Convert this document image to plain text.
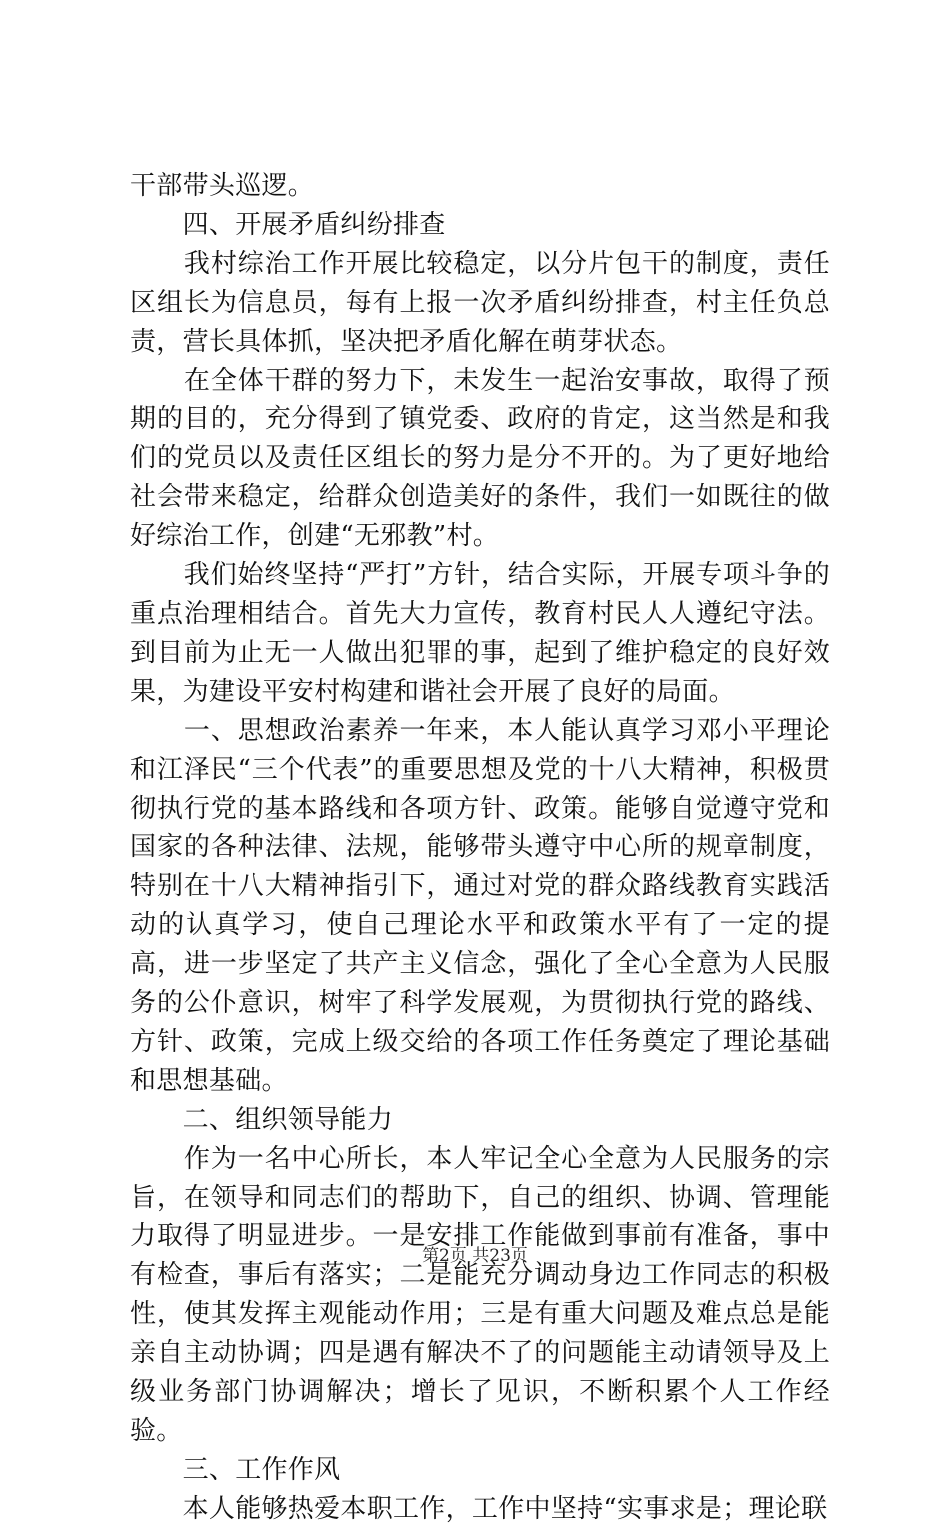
干部带头巡逻。

　　四、开展矛盾纠纷排查

　　我村综治工作开展比较稳定，以分片包干的制度，责任区组长为信息员，每有上报一次矛盾纠纷排查，村主任负总责，营长具体抓，坚决把矛盾化解在萌芽状态。

　　在全体干群的努力下，未发生一起治安事故，取得了预期的目的，充分得到了镇党委、政府的肯定，这当然是和我们的党员以及责任区组长的努力是分不开的。为了更好地给社会带来稳定，给群众创造美好的条件，我们一如既往的做好综治工作，创建“无邪教”村。

　　我们始终坚持“严打”方针，结合实际，开展专项斗争的重点治理相结合。首先大力宣传，教育村民人人遵纪守法。到目前为止无一人做出犯罪的事，起到了维护稳定的良好效果，为建设平安村构建和谐社会开展了良好的局面。

　　一、思想政治素养一年来，本人能认真学习邓小平理论和江泽民“三个代表”的重要思想及党的十八大精神，积极贯彻执行党的基本路线和各项方针、政策。能够自觉遵守党和国家的各种法律、法规，能够带头遵守中心所的规章制度，特别在十八大精神指引下，通过对党的群众路线教育实践活动的认真学习，使自己理论水平和政策水平有了一定的提高，进一步坚定了共产主义信念，强化了全心全意为人民服务的公仆意识，树牢了科学发展观，为贯彻执行党的路线、方针、政策，完成上级交给的各项工作任务奠定了理论基础和思想基础。

　　二、组织领导能力

　　作为一名中心所长，本人牢记全心全意为人民服务的宗旨，在领导和同志们的帮助下，自己的组织、协调、管理能力取得了明显进步。一是安排工作能做到事前有准备，事中有检查，事后有落实；二是能充分调动身边工作同志的积极性，使其发挥主观能动作用；三是有重大问题及难点总是能亲自主动协调；四是遇有解决不了的问题能主动请领导及上级业务部门协调解决；增长了见识，不断积累个人工作经验。

　　三、工作作风

　　本人能够热爱本职工作，工作中坚持“实事求是；理论联

第2页 共23页
